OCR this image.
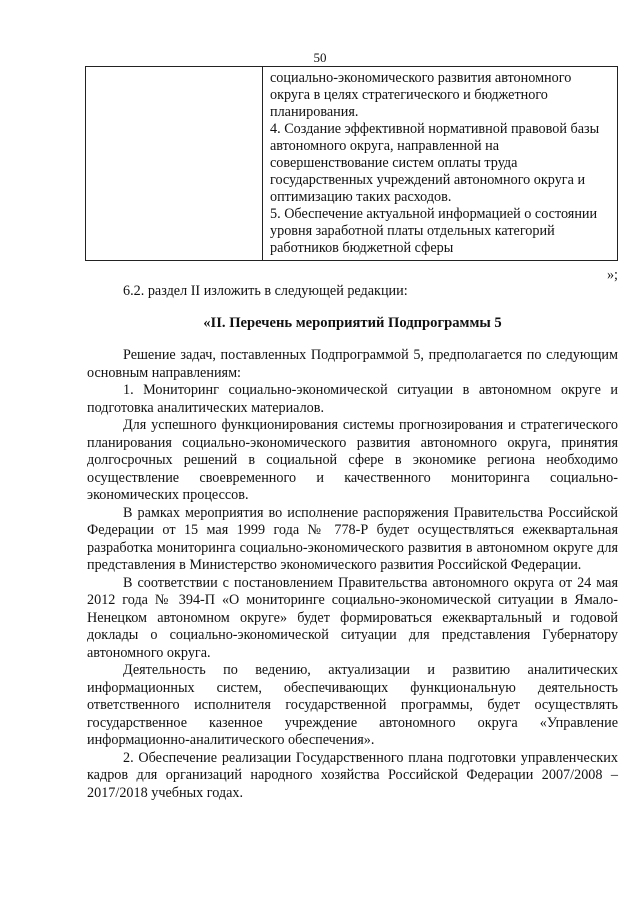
50

социально-экономического развития автономного округа в целях стратегического и бюджетного планирования.

4. Создание эффективной нормативной правовой базы автономного округа, направленной на совершенствование систем оплаты труда государственных учреждений автономного округа и оптимизацию таких расходов.

5. Обеспечение актуальной информацией о состоянии уровня заработной платы отдельных категорий работников бюджетной сферы

»;

6.2. раздел II изложить в следующей редакции:

«II. Перечень мероприятий Подпрограммы 5

Решение задач, поставленных Подпрограммой 5, предполагается по следующим основным направлениям:

1. Мониторинг социально-экономической ситуации в автономном округе и подготовка аналитических материалов.

Для успешного функционирования системы прогнозирования и стратегического планирования социально-экономического развития автономного округа, принятия долгосрочных решений в социальной сфере в экономике региона необходимо осуществление своевременного и качественного мониторинга социально-экономических процессов.

В рамках мероприятия во исполнение распоряжения Правительства Российской Федерации от 15 мая 1999 года № 778-Р будет осуществляться ежеквартальная разработка мониторинга социально-экономического развития в автономном округе для представления в Министерство экономического развития Российской Федерации.

В соответствии с постановлением Правительства автономного округа от 24 мая 2012 года № 394-П «О мониторинге социально-экономической ситуации в Ямало-Ненецком автономном округе» будет формироваться ежеквартальный и годовой доклады о социально-экономической ситуации для представления Губернатору автономного округа.

Деятельность по ведению, актуализации и развитию аналитических информационных систем, обеспечивающих функциональную деятельность ответственного исполнителя государственной программы, будет осуществлять государственное казенное учреждение автономного округа «Управление информационно-аналитического обеспечения».

2. Обеспечение реализации Государственного плана подготовки управленческих кадров для организаций народного хозяйства Российской Федерации 2007/2008 – 2017/2018 учебных годах.
